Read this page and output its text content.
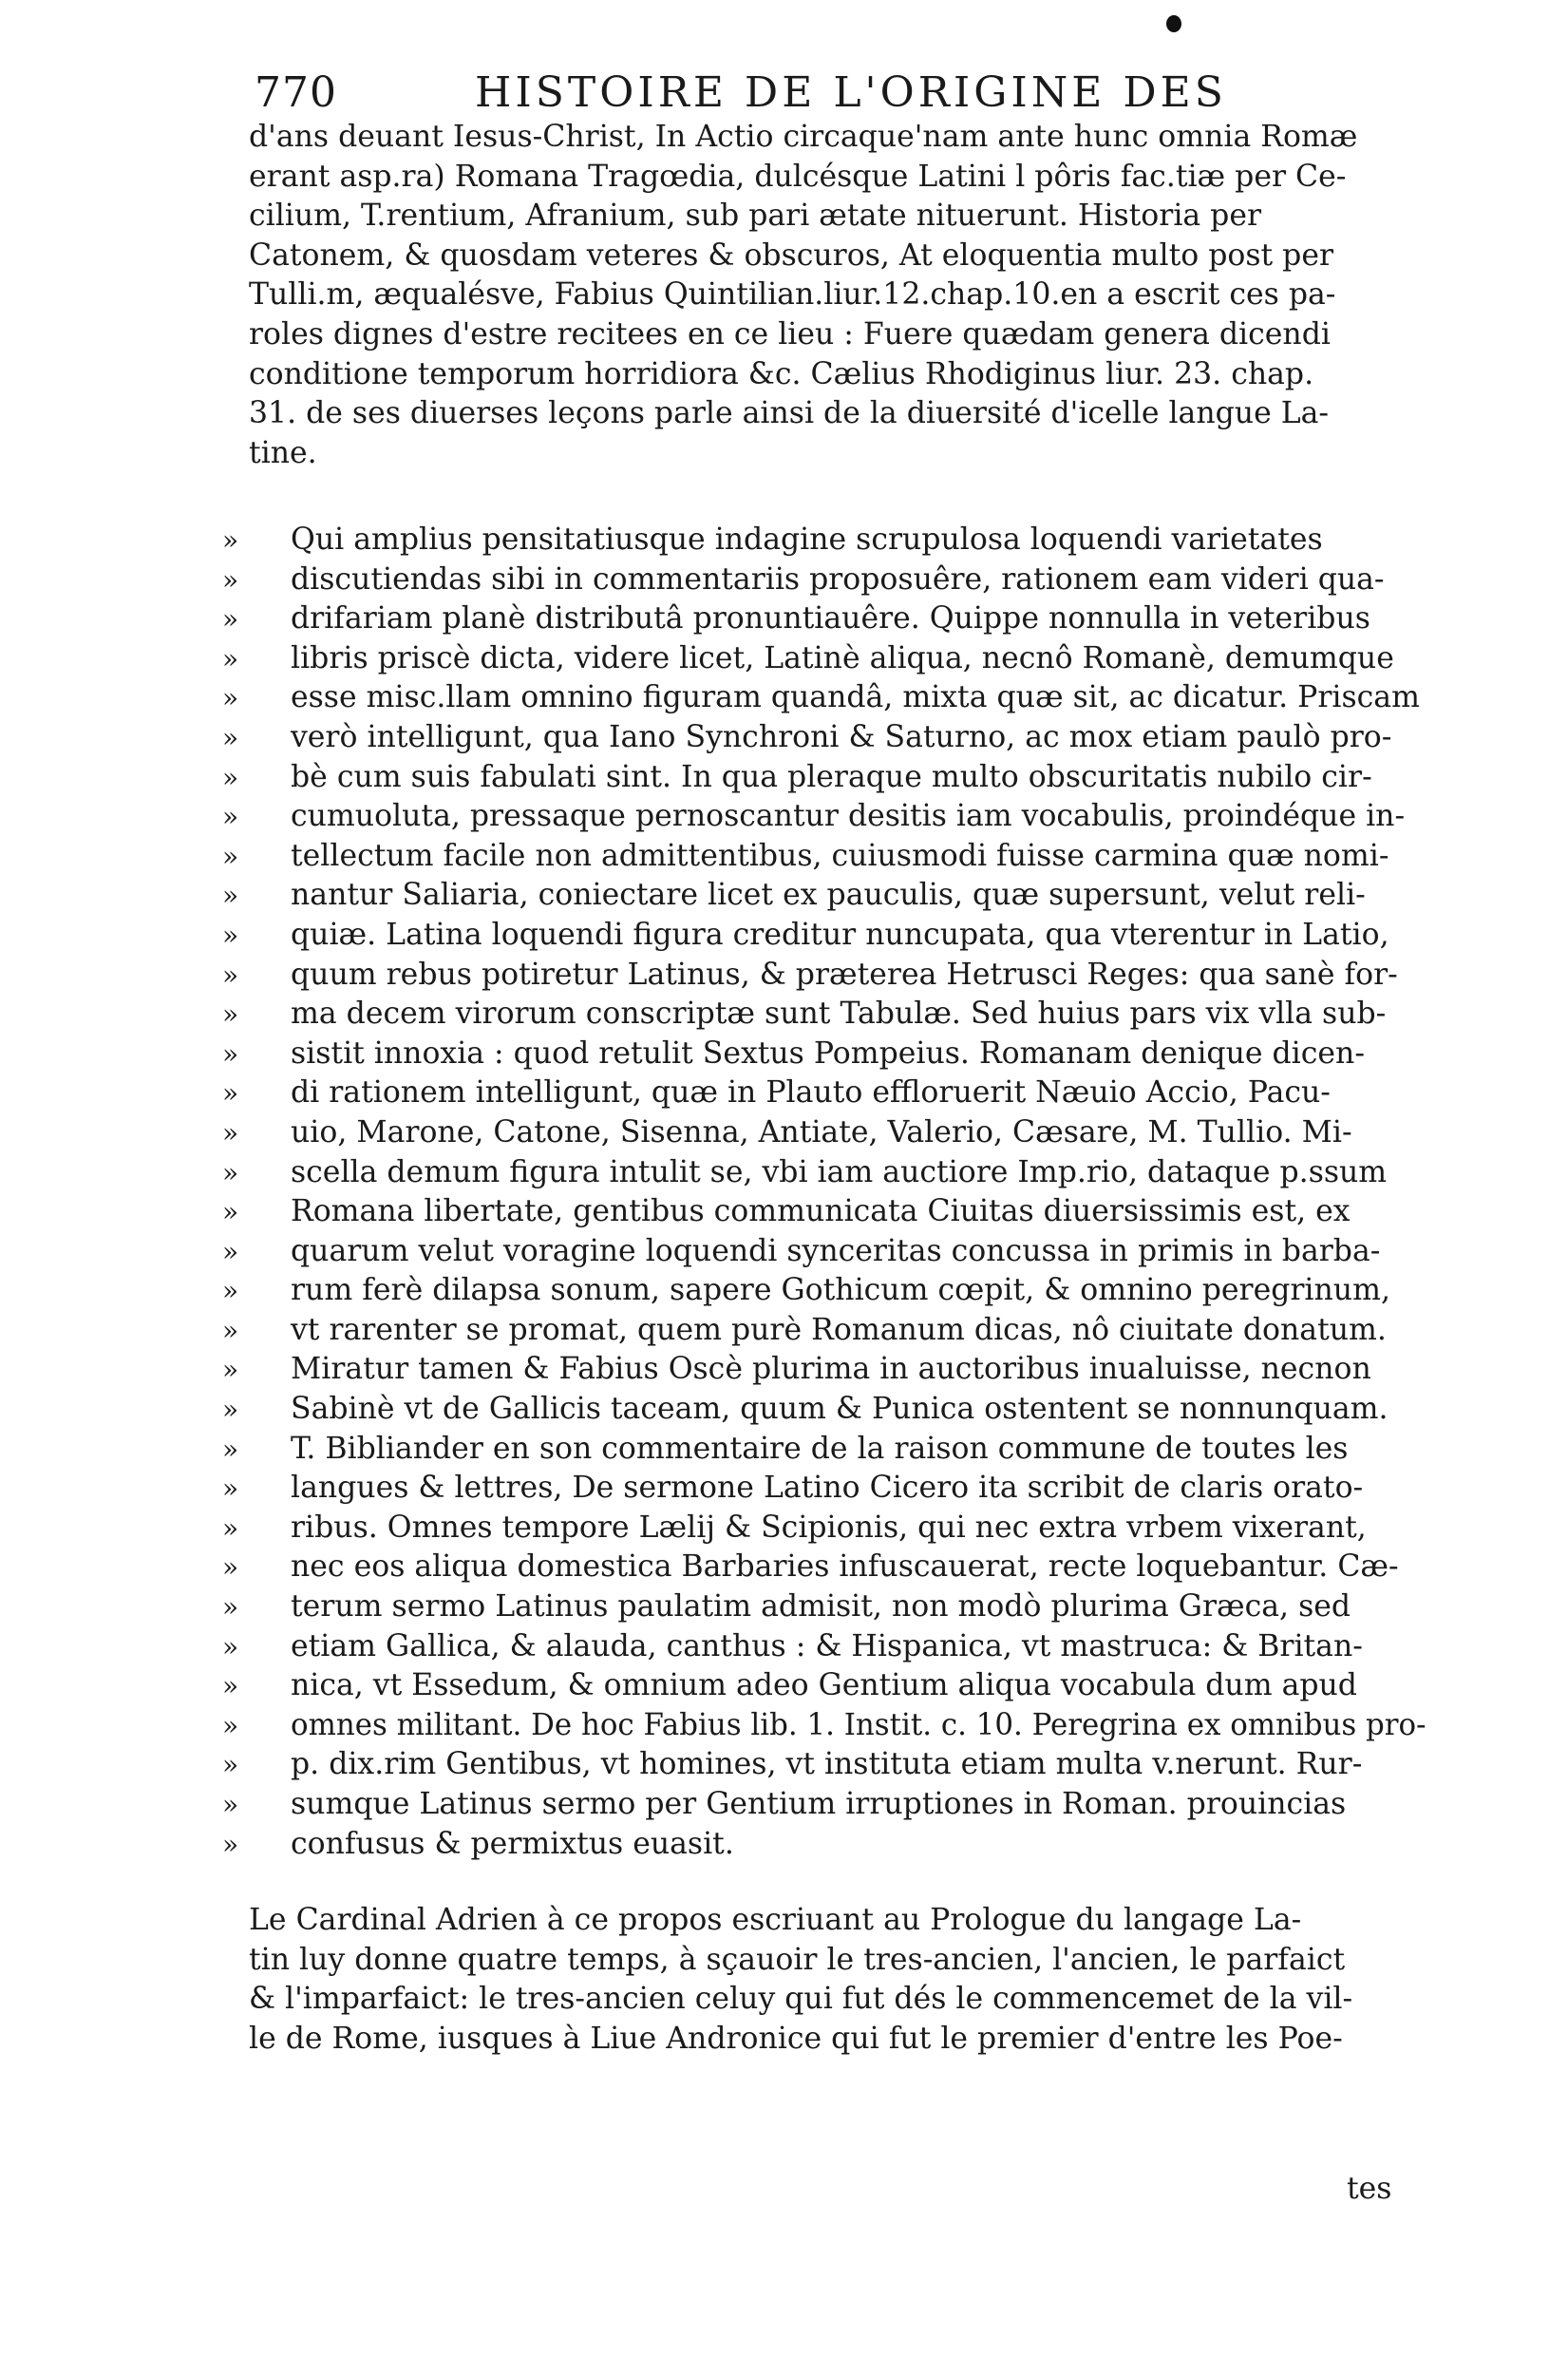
770	HISTOIRE DE L'ORIGINE DES
d'ans deuant Iesus-Christ, In Actio circaque'nam ante hunc omnia Romæ
erant asp.ra) Romana Tragœdia, dulcésque Latini l pôris fac.tiæ per Ce-
cilium, T.rentium, Afranium, sub pari ætate nituerunt. Historia per
Catonem, & quosdam veteres & obscuros, At eloquentia multo post per
Tulli.m, æqualésve, Fabius Quintilian.liur.12.chap.10.en a escrit ces pa-
roles dignes d'estre recitees en ce lieu : Fuere quædam genera dicendi
conditione temporum horridiora &c. Cælius Rhodiginus liur. 23. chap.
31. de ses diuerses leçons parle ainsi de la diuersité d'icelle langue La-
tine.
»	Qui amplius pensitatiusque indagine scrupulosa loquendi varietates
»	discutiendas sibi in commentariis proposuêre, rationem eam videri qua-
»	drifariam planè distributâ pronuntiauêre. Quippe nonnulla in veteribus
»	libris priscè dicta, videre licet, Latinè aliqua, necnô Romanè, demumque
»	esse misc.llam omnino figuram quandâ, mixta quæ sit, ac dicatur. Priscam
»	verò intelligunt, qua Iano Synchroni & Saturno, ac mox etiam paulò pro-
»	bè cum suis fabulati sint. In qua pleraque multo obscuritatis nubilo cir-
»	cumuoluta, pressaque pernoscantur desitis iam vocabulis, proindéque in-
»	tellectum facile non admittentibus, cuiusmodi fuisse carmina quæ nomi-
»	nantur Saliaria, coniectare licet ex pauculis, quæ supersunt, velut reli-
»	quiæ. Latina loquendi figura creditur nuncupata, qua vterentur in Latio,
»	quum rebus potiretur Latinus, & præterea Hetrusci Reges: qua sanè for-
»	ma decem virorum conscriptæ sunt Tabulæ. Sed huius pars vix vlla sub-
»	sistit innoxia : quod retulit Sextus Pompeius. Romanam denique dicen-
»	di rationem intelligunt, quæ in Plauto effloruerit Næuio Accio, Pacu-
»	uio, Marone, Catone, Sisenna, Antiate, Valerio, Cæsare, M. Tullio. Mi-
»	scella demum figura intulit se, vbi iam auctiore Imp.rio, dataque p.ssum
»	Romana libertate, gentibus communicata Ciuitas diuersissimis est, ex
»	quarum velut voragine loquendi synceritas concussa in primis in barba-
»	rum ferè dilapsa sonum, sapere Gothicum cœpit, & omnino peregrinum,
»	vt rarenter se promat, quem purè Romanum dicas, nô ciuitate donatum.
»	Miratur tamen & Fabius Oscè plurima in auctoribus inualuisse, necnon
»	Sabinè vt de Gallicis taceam, quum & Punica ostentent se nonnunquam.
»	T. Bibliander en son commentaire de la raison commune de toutes les
»	langues & lettres, De sermone Latino Cicero ita scribit de claris orato-
»	ribus. Omnes tempore Lælij & Scipionis, qui nec extra vrbem vixerant,
»	nec eos aliqua domestica Barbaries infuscauerat, recte loquebantur. Cæ-
»	terum sermo Latinus paulatim admisit, non modò plurima Græca, sed
»	etiam Gallica, & alauda, canthus : & Hispanica, vt mastruca: & Britan-
»	nica, vt Essedum, & omnium adeo Gentium aliqua vocabula dum apud
»	omnes militant. De hoc Fabius lib. 1. Instit. c. 10. Peregrina ex omnibus pro-
»	p. dix.rim Gentibus, vt homines, vt instituta etiam multa v.nerunt. Rur-
»	sumque Latinus sermo per Gentium irruptiones in Roman. prouincias
»	confusus & permixtus euasit.
Le Cardinal Adrien à ce propos escriuant au Prologue du langage La-
tin luy donne quatre temps, à sçauoir le tres-ancien, l'ancien, le parfaict
& l'imparfaict: le tres-ancien celuy qui fut dés le commencemet de la vil-
le de Rome, iusques à Liue Andronice qui fut le premier d'entre les Poe-
tes
